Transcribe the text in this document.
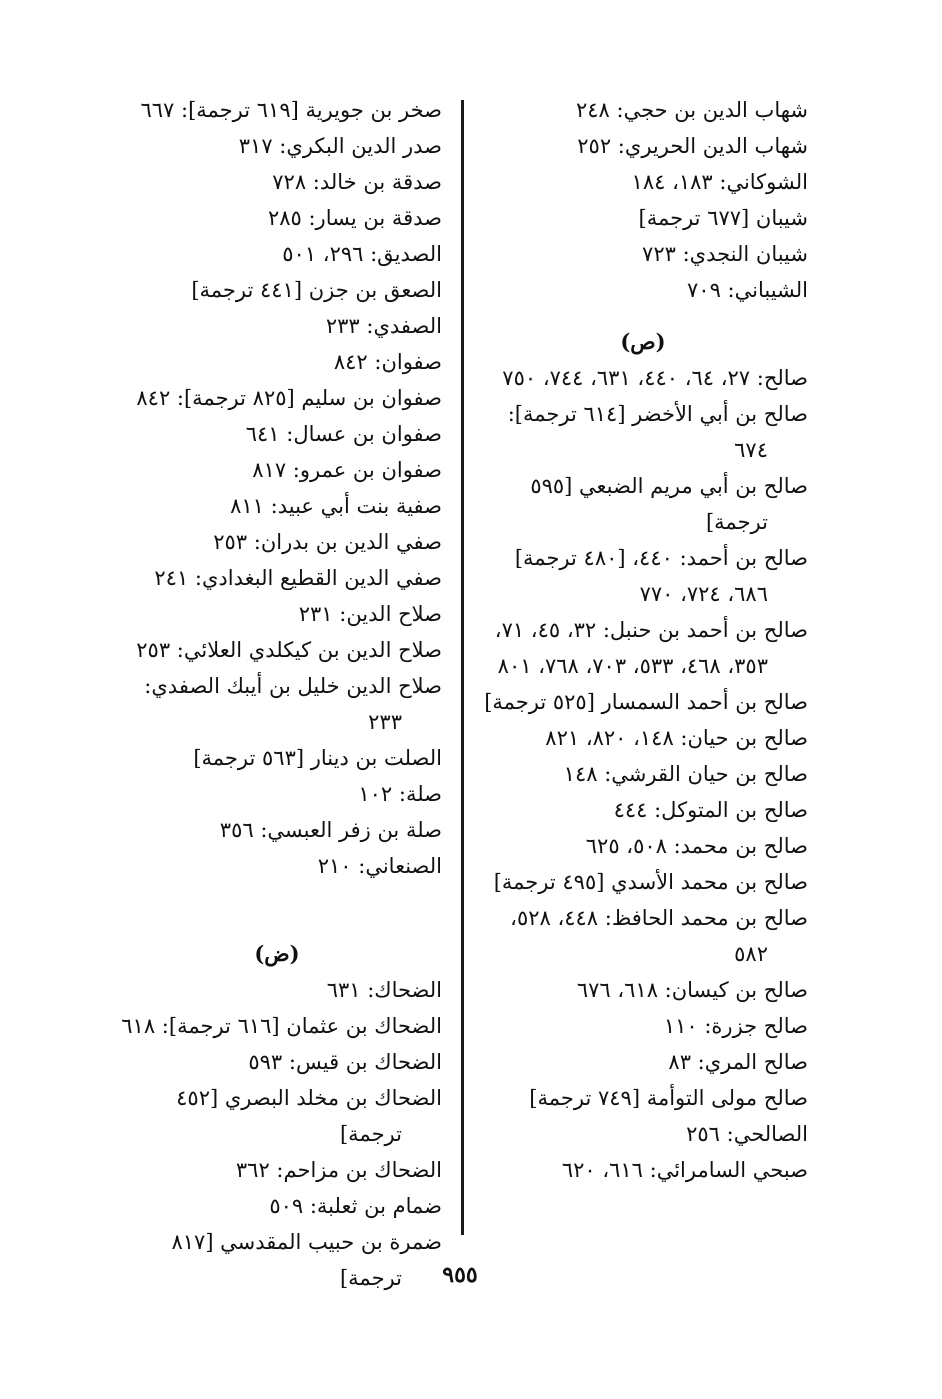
شهاب الدين بن حجي: ٢٤٨
شهاب الدين الحريري: ٢٥٢
الشوكاني: ١٨٣، ١٨٤
شيبان [٦٧٧ ترجمة]
شيبان النجدي: ٧٢٣
الشيباني: ٧٠٩
(ص)
صالح: ٢٧، ٦٤، ٤٤٠، ٦٣١، ٧٤٤، ٧٥٠
صالح بن أبي الأخضر [٦١٤ ترجمة]: ٦٧٤
صالح بن أبي مريم الضبعي [٥٩٥ ترجمة]
صالح بن أحمد: ٤٤٠، [٤٨٠ ترجمة] ٦٨٦، ٧٢٤، ٧٧٠
صالح بن أحمد بن حنبل: ٣٢، ٤٥، ٧١، ٣٥٣، ٤٦٨، ٥٣٣، ٧٠٣، ٧٦٨، ٨٠١
صالح بن أحمد السمسار [٥٢٥ ترجمة]
صالح بن حيان: ١٤٨، ٨٢٠، ٨٢١
صالح بن حيان القرشي: ١٤٨
صالح بن المتوكل: ٤٤٤
صالح بن محمد: ٥٠٨، ٦٢٥
صالح بن محمد الأسدي [٤٩٥ ترجمة]
صالح بن محمد الحافظ: ٤٤٨، ٥٢٨، ٥٨٢
صالح بن كيسان: ٦١٨، ٦٧٦
صالح جزرة: ١١٠
صالح المري: ٨٣
صالح مولى التوأمة [٧٤٩ ترجمة]
الصالحي: ٢٥٦
صبحي السامرائي: ٦١٦، ٦٢٠
صخر بن جويرية [٦١٩ ترجمة]: ٦٦٧
صدر الدين البكري: ٣١٧
صدقة بن خالد: ٧٢٨
صدقة بن يسار: ٢٨٥
الصديق: ٢٩٦، ٥٠١
الصعق بن جزن [٤٤١ ترجمة]
الصفدي: ٢٣٣
صفوان: ٨٤٢
صفوان بن سليم [٨٢٥ ترجمة]: ٨٤٢
صفوان بن عسال: ٦٤١
صفوان بن عمرو: ٨١٧
صفية بنت أبي عبيد: ٨١١
صفي الدين بن بدران: ٢٥٣
صفي الدين القطيع البغدادي: ٢٤١
صلاح الدين: ٢٣١
صلاح الدين بن كيكلدي العلائي: ٢٥٣
صلاح الدين خليل بن أيبك الصفدي: ٢٣٣
الصلت بن دينار [٥٦٣ ترجمة]
صلة: ١٠٢
صلة بن زفر العبسي: ٣٥٦
الصنعاني: ٢١٠
(ض)
الضحاك: ٦٣١
الضحاك بن عثمان [٦١٦ ترجمة]: ٦١٨
الضحاك بن قيس: ٥٩٣
الضحاك بن مخلد البصري [٤٥٢ ترجمة]
الضحاك بن مزاحم: ٣٦٢
ضمام بن ثعلبة: ٥٠٩
ضمرة بن حبيب المقدسي [٨١٧ ترجمة]	٩٥٥
